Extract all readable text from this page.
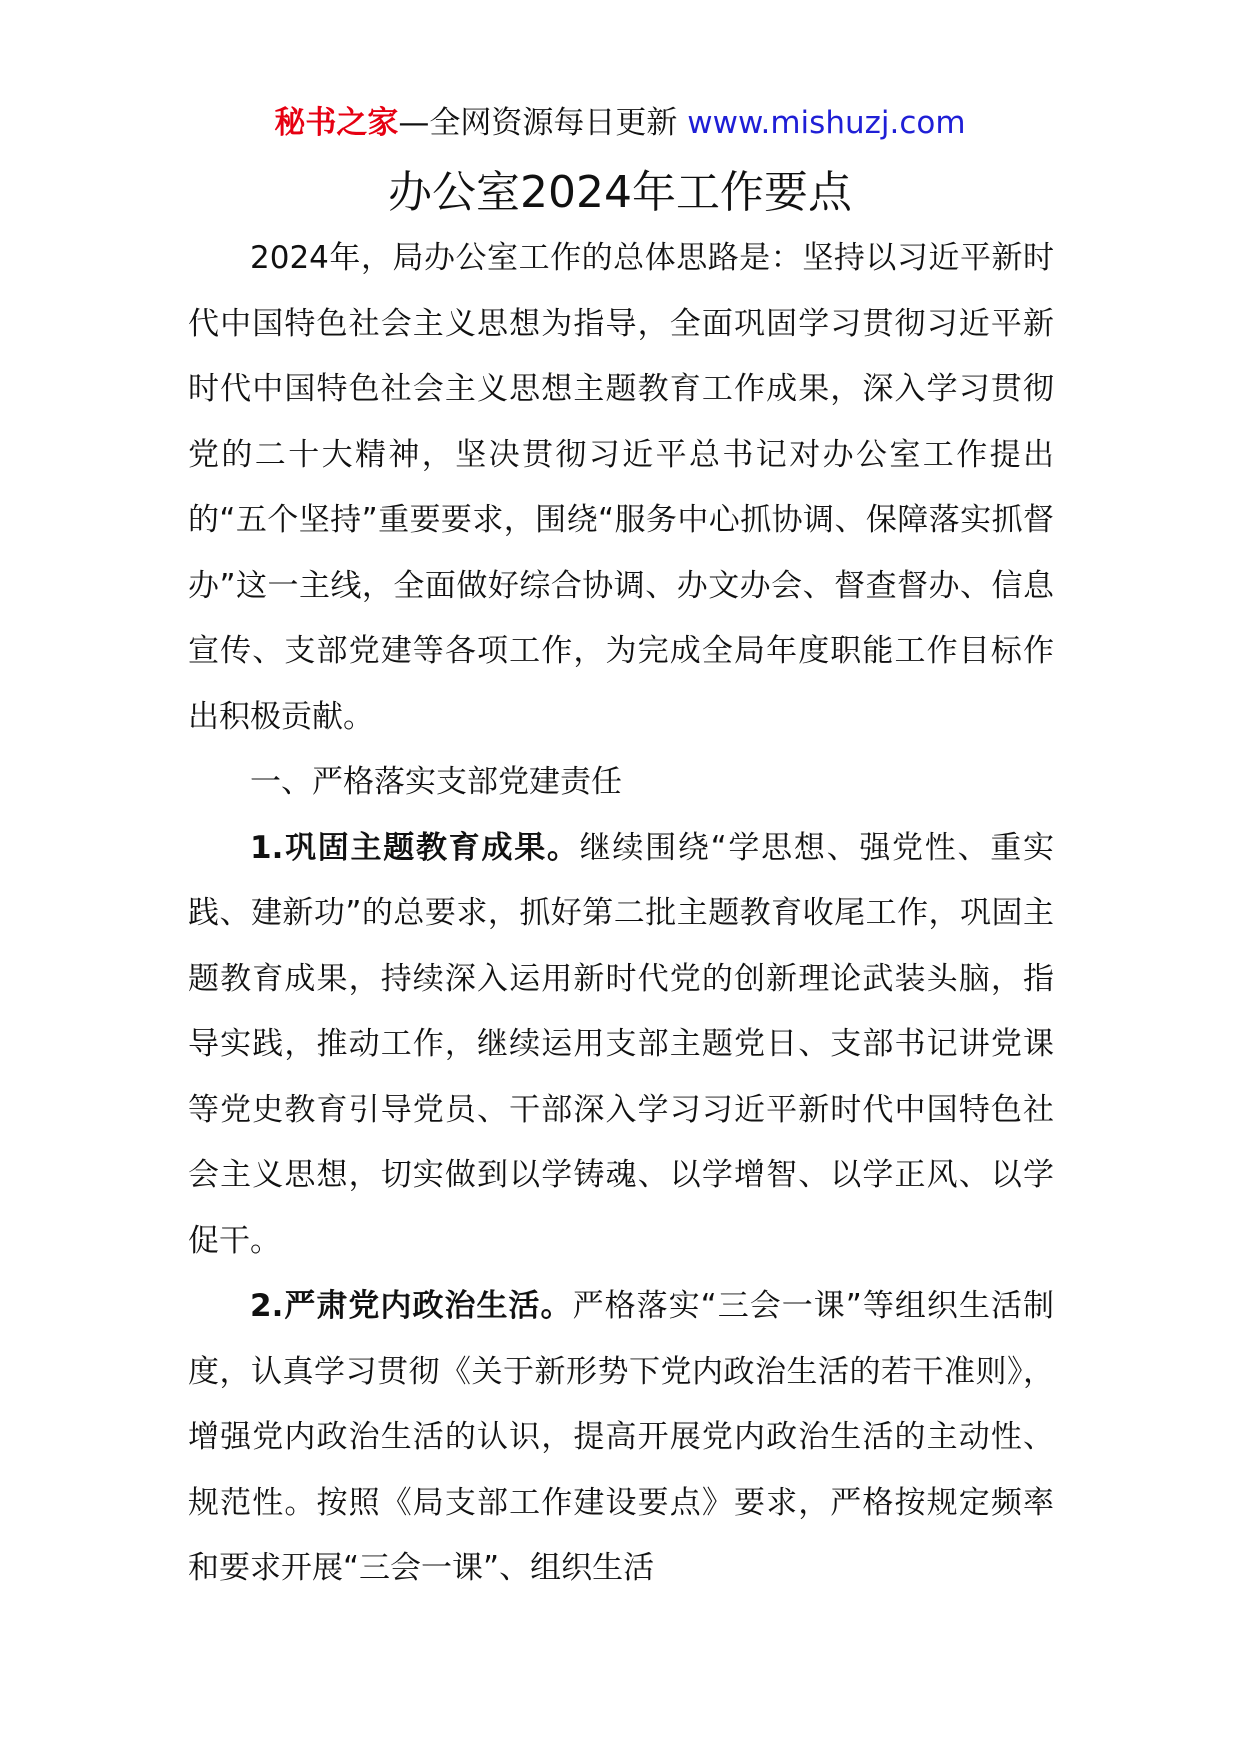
秘书之家—全网资源每日更新 www.mishuzj.com
办公室2024年工作要点

2024年，局办公室工作的总体思路是：坚持以习近平新时代中国特色社会主义思想为指导，全面巩固学习贯彻习近平新时代中国特色社会主义思想主题教育工作成果，深入学习贯彻党的二十大精神，坚决贯彻习近平总书记对办公室工作提出的“五个坚持”重要要求，围绕“服务中心抓协调、保障落实抓督办”这一主线，全面做好综合协调、办文办会、督查督办、信息宣传、支部党建等各项工作，为完成全局年度职能工作目标作出积极贡献。

一、严格落实支部党建责任

1.巩固主题教育成果。继续围绕“学思想、强党性、重实践、建新功”的总要求，抓好第二批主题教育收尾工作，巩固主题教育成果，持续深入运用新时代党的创新理论武装头脑，指导实践，推动工作，继续运用支部主题党日、支部书记讲党课等党史教育引导党员、干部深入学习习近平新时代中国特色社会主义思想，切实做到以学铸魂、以学增智、以学正风、以学促干。

2.严肃党内政治生活。严格落实“三会一课”等组织生活制度，认真学习贯彻《关于新形势下党内政治生活的若干准则》，增强党内政治生活的认识，提高开展党内政治生活的主动性、规范性。按照《局支部工作建设要点》要求，严格按规定频率和要求开展“三会一课”、组织生活
